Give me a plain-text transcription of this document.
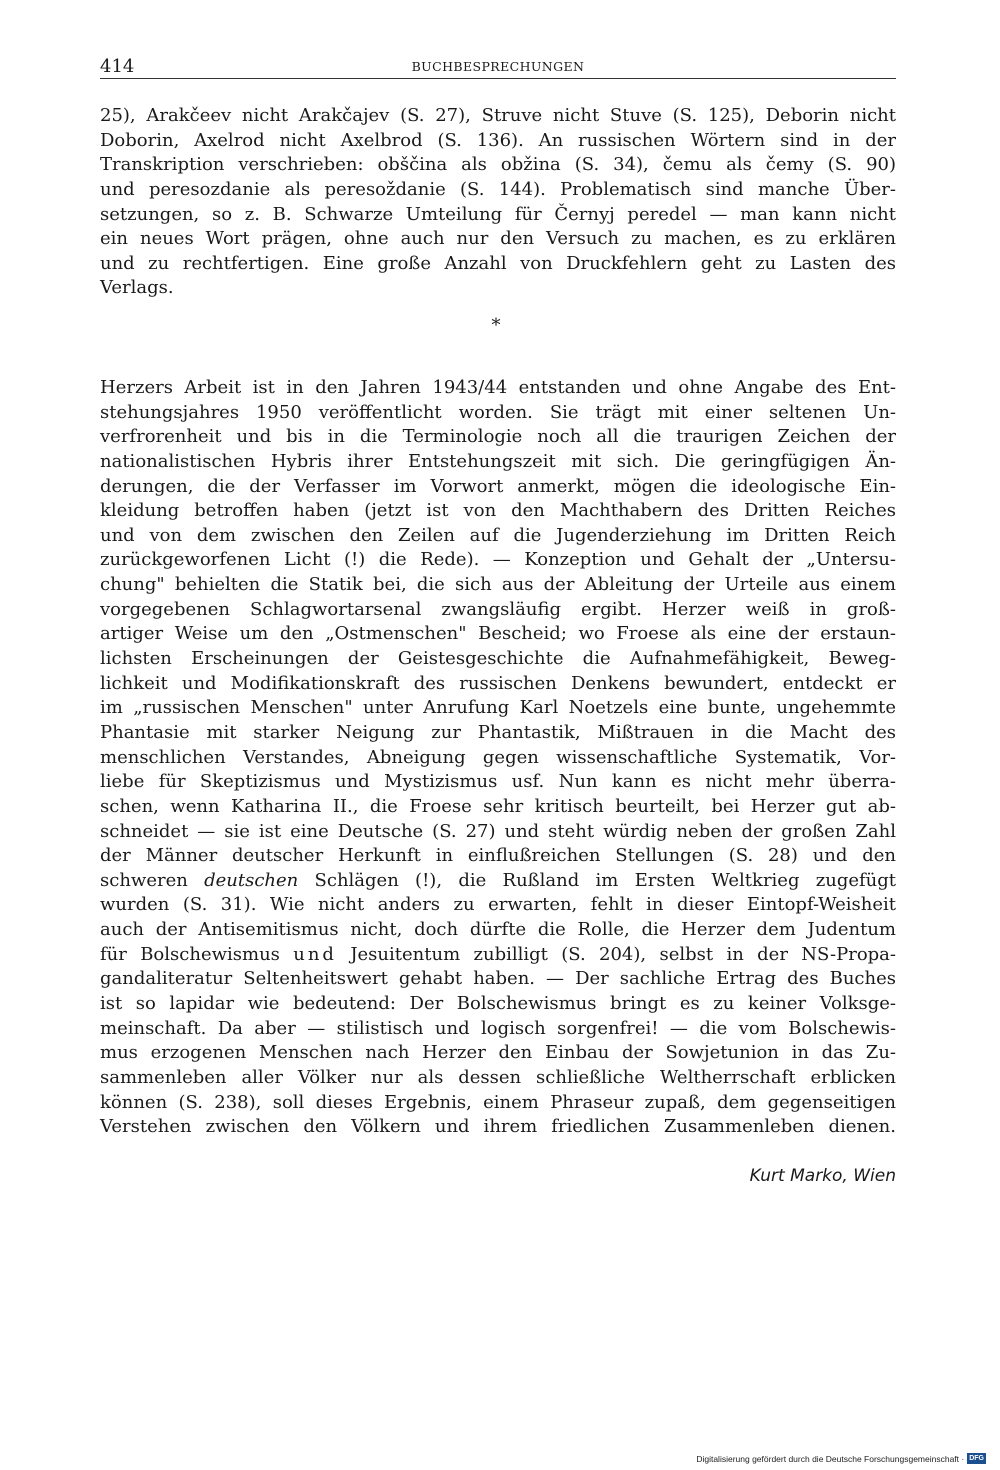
414	BUCHBESPRECHUNGEN
25), Arakčeev nicht Arakčajev (S. 27), Struve nicht Stuve (S. 125), Deborin nicht
Doborin, Axelrod nicht Axelbrod (S. 136). An russischen Wörtern sind in der
Transkription verschrieben: obščina als obžina (S. 34), čemu als čemy (S. 90)
und peresozdanie als peresoždanie (S. 144). Problematisch sind manche Über-
setzungen, so z. B. Schwarze Umteilung für Černyj peredel — man kann nicht
ein neues Wort prägen, ohne auch nur den Versuch zu machen, es zu erklären
und zu rechtfertigen. Eine große Anzahl von Druckfehlern geht zu Lasten des
Verlags.
*
Herzers Arbeit ist in den Jahren 1943/44 entstanden und ohne Angabe des Ent-
stehungsjahres 1950 veröffentlicht worden. Sie trägt mit einer seltenen Un-
verfrorenheit und bis in die Terminologie noch all die traurigen Zeichen der
nationalistischen Hybris ihrer Entstehungszeit mit sich. Die geringfügigen Än-
derungen, die der Verfasser im Vorwort anmerkt, mögen die ideologische Ein-
kleidung betroffen haben (jetzt ist von den Machthabern des Dritten Reiches
und von dem zwischen den Zeilen auf die Jugenderziehung im Dritten Reich
zurückgeworfenen Licht (!) die Rede). — Konzeption und Gehalt der „Untersu-
chung" behielten die Statik bei, die sich aus der Ableitung der Urteile aus einem
vorgegebenen Schlagwortarsenal zwangsläufig ergibt. Herzer weiß in groß-
artiger Weise um den „Ostmenschen" Bescheid; wo Froese als eine der erstaun-
lichsten Erscheinungen der Geistesgeschichte die Aufnahmefähigkeit, Beweg-
lichkeit und Modifikationskraft des russischen Denkens bewundert, entdeckt er
im „russischen Menschen" unter Anrufung Karl Noetzels eine bunte, ungehemmte
Phantasie mit starker Neigung zur Phantastik, Mißtrauen in die Macht des
menschlichen Verstandes, Abneigung gegen wissenschaftliche Systematik, Vor-
liebe für Skeptizismus und Mystizismus usf. Nun kann es nicht mehr überra-
schen, wenn Katharina II., die Froese sehr kritisch beurteilt, bei Herzer gut ab-
schneidet — sie ist eine Deutsche (S. 27) und steht würdig neben der großen Zahl
der Männer deutscher Herkunft in einflußreichen Stellungen (S. 28) und den
schweren deutschen Schlägen (!), die Rußland im Ersten Weltkrieg zugefügt
wurden (S. 31). Wie nicht anders zu erwarten, fehlt in dieser Eintopf-Weisheit
auch der Antisemitismus nicht, doch dürfte die Rolle, die Herzer dem Judentum
für Bolschewismus und Jesuitentum zubilligt (S. 204), selbst in der NS-Propa-
gandaliteratur Seltenheitswert gehabt haben. — Der sachliche Ertrag des Buches
ist so lapidar wie bedeutend: Der Bolschewismus bringt es zu keiner Volksge-
meinschaft. Da aber — stilistisch und logisch sorgenfrei! — die vom Bolschewis-
mus erzogenen Menschen nach Herzer den Einbau der Sowjetunion in das Zu-
sammenleben aller Völker nur als dessen schließliche Weltherrschaft erblicken
können (S. 238), soll dieses Ergebnis, einem Phraseur zupaß, dem gegenseitigen
Verstehen zwischen den Völkern und ihrem friedlichen Zusammenleben dienen.
Kurt Marko, Wien
Digitalisierung gefördert durch die Deutsche Forschungsgemeinschaft · DFG
